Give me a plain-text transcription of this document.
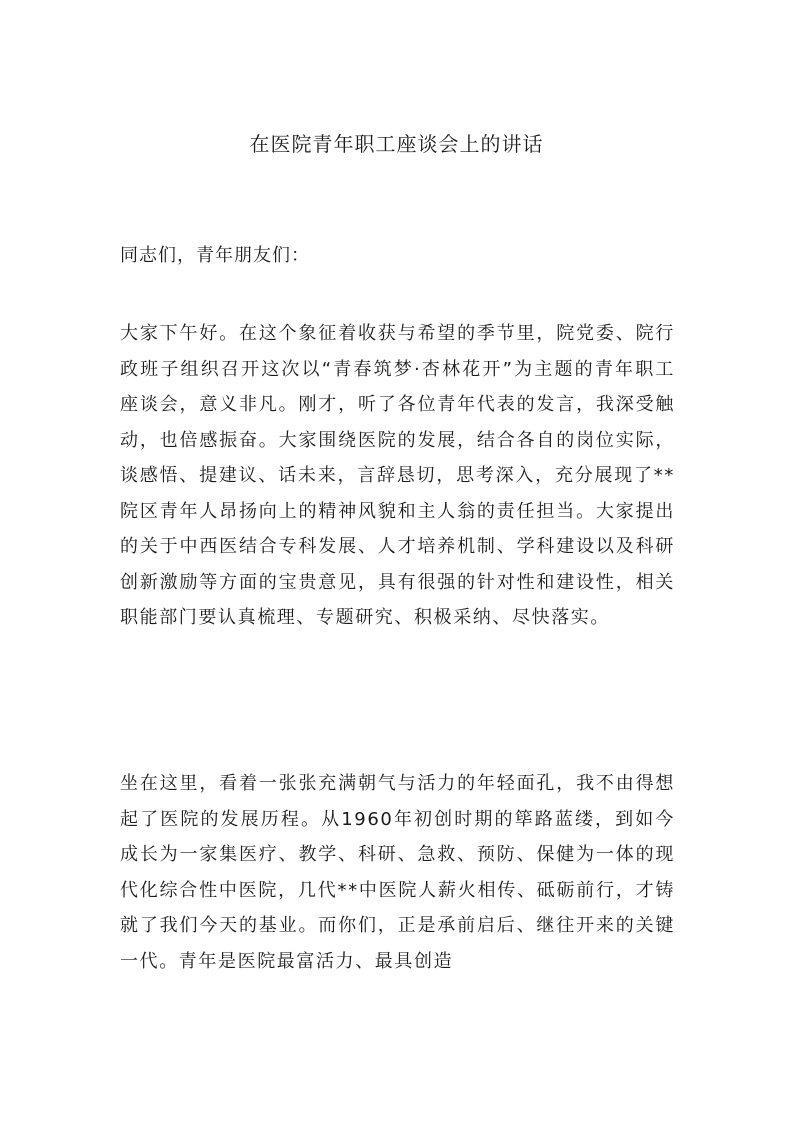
在医院青年职工座谈会上的讲话
同志们，青年朋友们：

大家下午好。在这个象征着收获与希望的季节里，院党委、院行政班子组织召开这次以“青春筑梦·杏林花开”为主题的青年职工座谈会，意义非凡。刚才，听了各位青年代表的发言，我深受触动，也倍感振奋。大家围绕医院的发展，结合各自的岗位实际，谈感悟、提建议、话未来，言辞恳切，思考深入，充分展现了**院区青年人昂扬向上的精神风貌和主人翁的责任担当。大家提出的关于中西医结合专科发展、人才培养机制、学科建设以及科研创新激励等方面的宝贵意见，具有很强的针对性和建设性，相关职能部门要认真梳理、专题研究、积极采纳、尽快落实。

坐在这里，看着一张张充满朝气与活力的年轻面孔，我不由得想起了医院的发展历程。从1960年初创时期的筚路蓝缕，到如今成长为一家集医疗、教学、科研、急救、预防、保健为一体的现代化综合性中医院，几代**中医院人薪火相传、砥砺前行，才铸就了我们今天的基业。而你们，正是承前启后、继往开来的关键一代。青年是医院最富活力、最具创造
